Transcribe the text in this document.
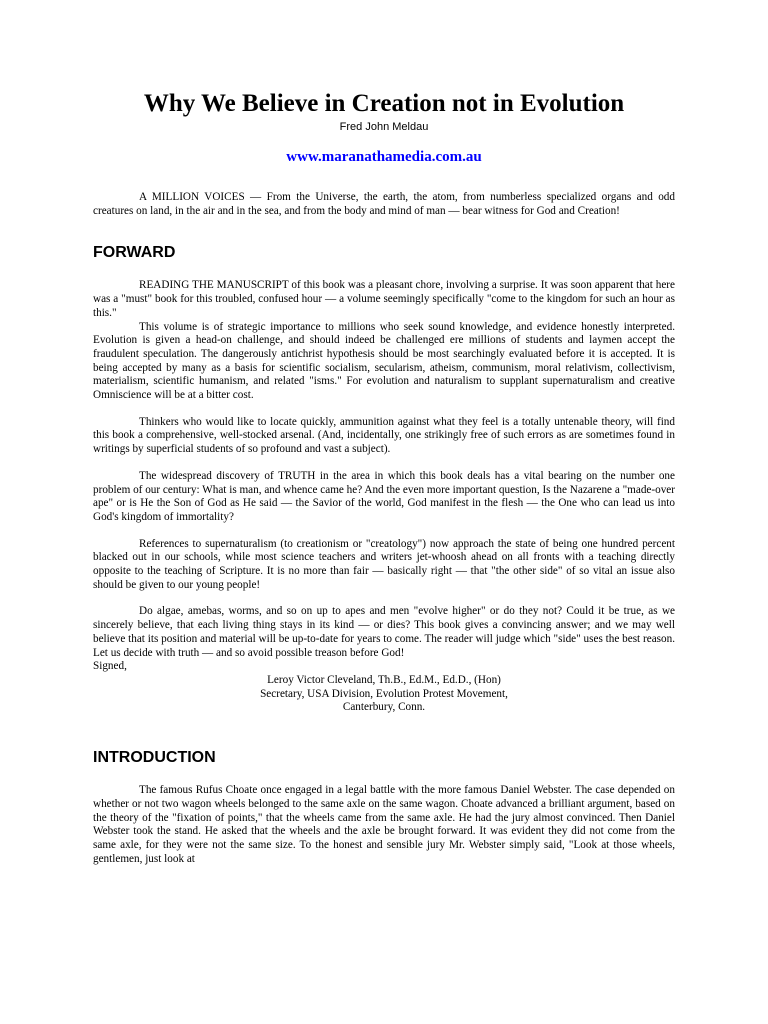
Why We Believe in Creation not in Evolution
Fred John Meldau
www.maranathamedia.com.au

A MILLION VOICES — From the Universe, the earth, the atom, from numberless specialized organs and odd creatures on land, in the air and in the sea, and from the body and mind of man — bear witness for God and Creation!

FORWARD

READING THE MANUSCRIPT of this book was a pleasant chore, involving a surprise. It was soon apparent that here was a "must" book for this troubled, confused hour — a volume seemingly specifically "come to the kingdom for such an hour as this."

This volume is of strategic importance to millions who seek sound knowledge, and evidence honestly interpreted. Evolution is given a head-on challenge, and should indeed be challenged ere millions of students and laymen accept the fraudulent speculation. The dangerously antichrist hypothesis should be most searchingly evaluated before it is accepted. It is being accepted by many as a basis for scientific socialism, secularism, atheism, communism, moral relativism, collectivism, materialism, scientific humanism, and related "isms." For evolution and naturalism to supplant supernaturalism and creative Omniscience will be at a bitter cost.

Thinkers who would like to locate quickly, ammunition against what they feel is a totally untenable theory, will find this book a comprehensive, well-stocked arsenal. (And, incidentally, one strikingly free of such errors as are sometimes found in writings by superficial students of so profound and vast a subject).

The widespread discovery of TRUTH in the area in which this book deals has a vital bearing on the number one problem of our century: What is man, and whence came he? And the even more important question, Is the Nazarene a "made-over ape" or is He the Son of God as He said — the Savior of the world, God manifest in the flesh — the One who can lead us into God's kingdom of immortality?

References to supernaturalism (to creationism or "creatology") now approach the state of being one hundred percent blacked out in our schools, while most science teachers and writers jet-whoosh ahead on all fronts with a teaching directly opposite to the teaching of Scripture. It is no more than fair — basically right — that "the other side" of so vital an issue also should be given to our young people!

Do algae, amebas, worms, and so on up to apes and men "evolve higher" or do they not? Could it be true, as we sincerely believe, that each living thing stays in its kind — or dies? This book gives a convincing answer; and we may well believe that its position and material will be up-to-date for years to come. The reader will judge which "side" uses the best reason. Let us decide with truth — and so avoid possible treason before God!

Signed,

Leroy Victor Cleveland, Th.B., Ed.M., Ed.D., (Hon)

Secretary, USA Division, Evolution Protest Movement,

Canterbury, Conn.

INTRODUCTION

The famous Rufus Choate once engaged in a legal battle with the more famous Daniel Webster. The case depended on whether or not two wagon wheels belonged to the same axle on the same wagon. Choate advanced a brilliant argument, based on the theory of the "fixation of points," that the wheels came from the same axle. He had the jury almost convinced. Then Daniel Webster took the stand. He asked that the wheels and the axle be brought forward. It was evident they did not come from the same axle, for they were not the same size. To the honest and sensible jury Mr. Webster simply said, "Look at those wheels, gentlemen, just look at
